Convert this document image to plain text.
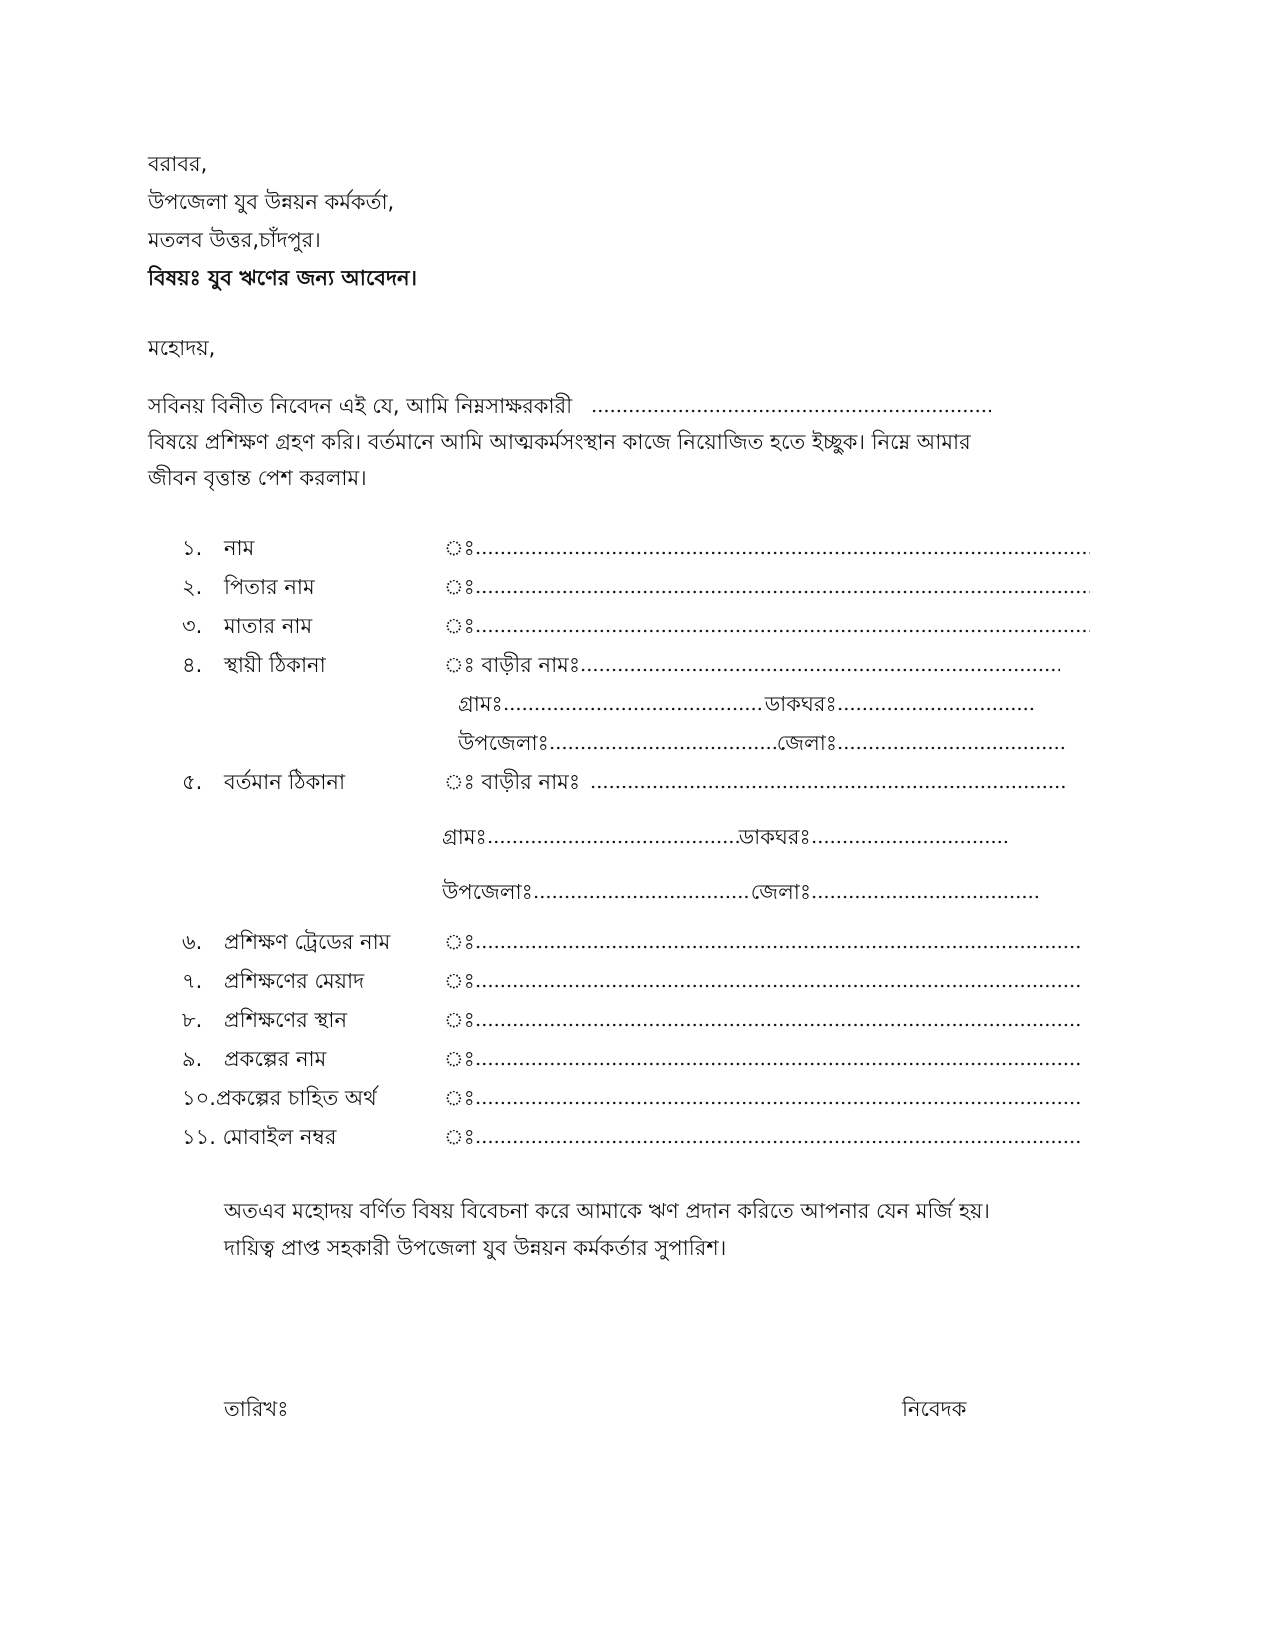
বরাবর,
উপজেলা যুব উন্নয়ন কর্মকর্তা,
মতলব উত্তর,চাঁদপুর।
বিষয়ঃ যুব ঋণের জন্য আবেদন।
মহোদয়,
সবিনয় বিনীত নিবেদন এই যে, আমি নিম্নসাক্ষরকারী
বিষয়ে প্রশিক্ষণ গ্রহণ করি। বর্তমানে আমি আত্মকর্মসংস্থান কাজে নিয়োজিত হতে ইচ্ছুক। নিম্নে আমার
জীবন বৃত্তান্ত পেশ করলাম।
১. নাম	ঃ
২. পিতার নাম	ঃ
৩. মাতার নাম	ঃ
৪. স্থায়ী ঠিকানা	ঃ বাড়ীর নামঃ
গ্রামঃ	ডাকঘরঃ
উপজেলাঃ	জেলাঃ
৫. বর্তমান ঠিকানা	ঃ বাড়ীর নামঃ
গ্রামঃ	ডাকঘরঃ
উপজেলাঃ	জেলাঃ
৬. প্রশিক্ষণ ট্রেডের নাম	ঃ
৭. প্রশিক্ষণের মেয়াদ	ঃ
৮. প্রশিক্ষণের স্থান	ঃ
৯. প্রকল্পের নাম	ঃ
১০.প্রকল্পের চাহিত অর্থ	ঃ
১১. মোবাইল নম্বর	ঃ
অতএব মহোদয় বর্ণিত বিষয় বিবেচনা করে আমাকে ঋণ প্রদান করিতে আপনার যেন মর্জি হয়।
দায়িত্ব প্রাপ্ত সহকারী উপজেলা যুব উন্নয়ন কর্মকর্তার সুপারিশ।
তারিখঃ	নিবেদক
